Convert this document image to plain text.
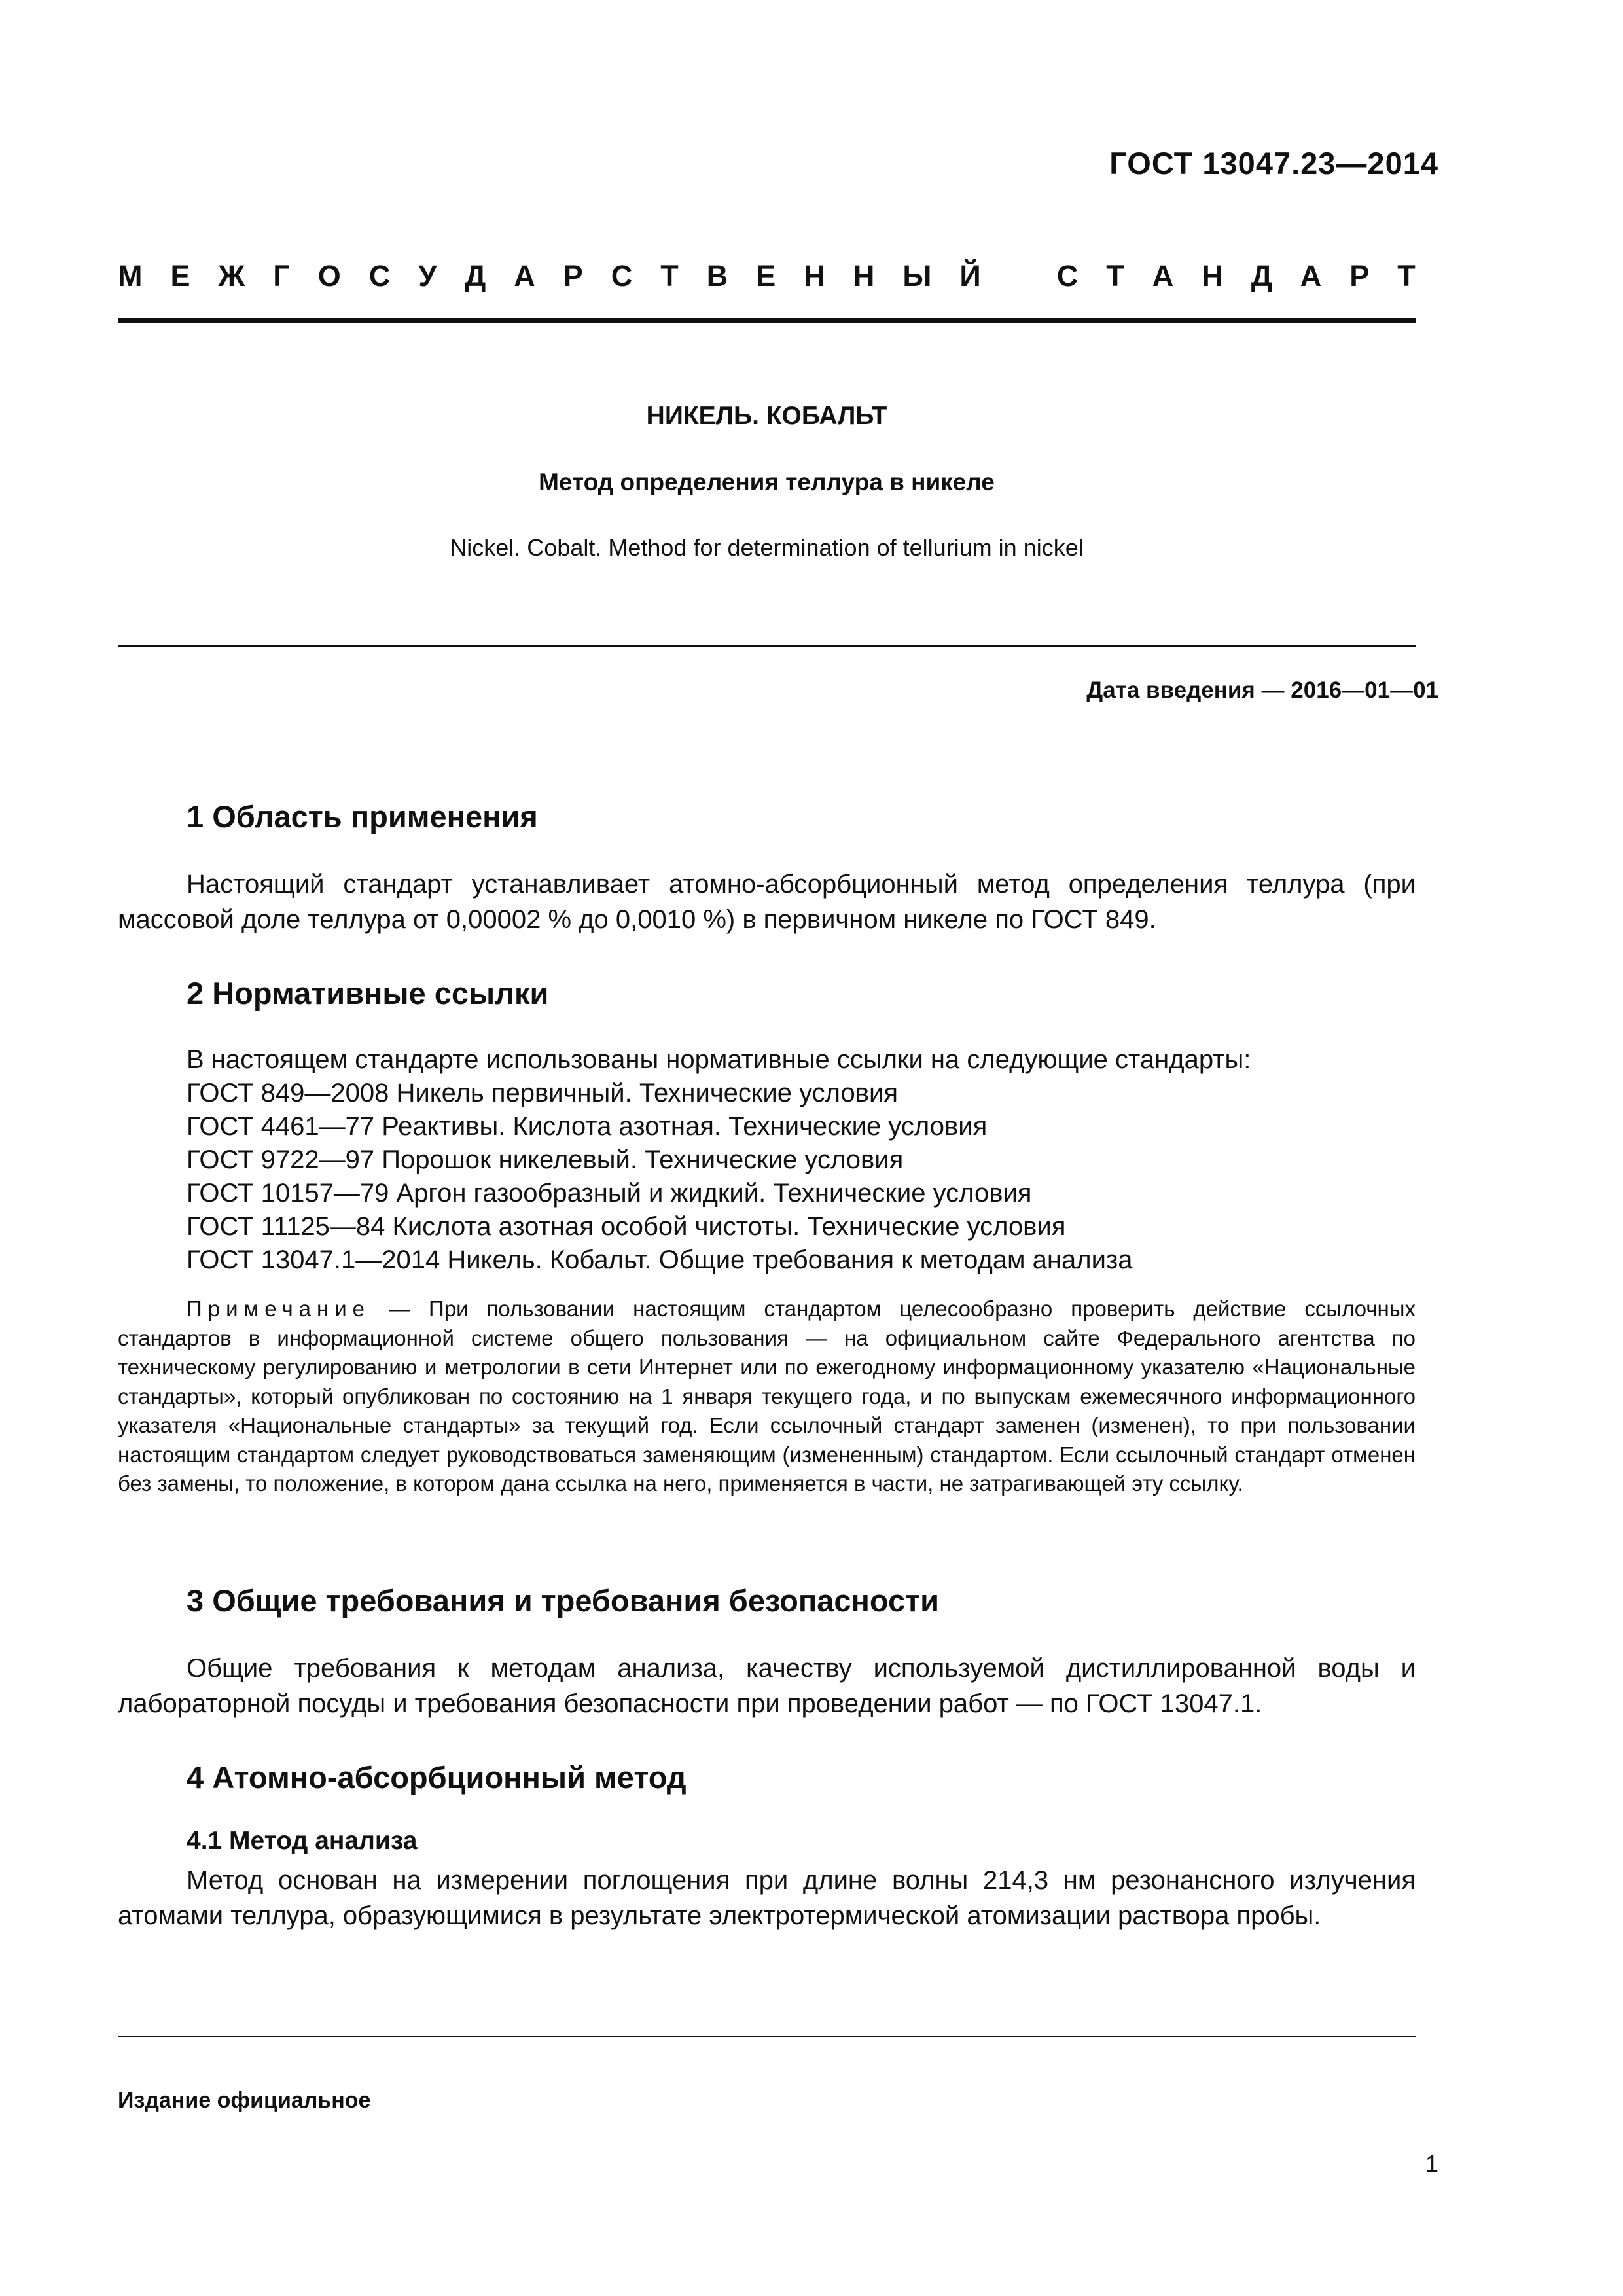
ГОСТ 13047.23—2014
М Е Ж Г О С У Д А Р С Т В Е Н Н Ы Й	С Т А Н Д А Р Т
НИКЕЛЬ. КОБАЛЬТ
Метод определения теллура в никеле
Nickel. Cobalt. Method for determination of tellurium in nickel
Дата введения — 2016—01—01
1 Область применения
Настоящий стандарт устанавливает атомно-абсорбционный метод определения теллура (при массовой доле теллура от 0,00002 % до 0,0010 %) в первичном никеле по ГОСТ 849.
2 Нормативные ссылки
В настоящем стандарте использованы нормативные ссылки на следующие стандарты:
ГОСТ 849—2008 Никель первичный. Технические условия
ГОСТ 4461—77 Реактивы. Кислота азотная. Технические условия
ГОСТ 9722—97 Порошок никелевый. Технические условия
ГОСТ 10157—79 Аргон газообразный и жидкий. Технические условия
ГОСТ 11125—84 Кислота азотная особой чистоты. Технические условия
ГОСТ 13047.1—2014 Никель. Кобальт. Общие требования к методам анализа
Примечание — При пользовании настоящим стандартом целесообразно проверить действие ссылочных стандартов в информационной системе общего пользования — на официальном сайте Федерального агентства по техническому регулированию и метрологии в сети Интернет или по ежегодному информационному указателю «Национальные стандарты», который опубликован по состоянию на 1 января текущего года, и по выпускам ежемесячного информационного указателя «Национальные стандарты» за текущий год. Если ссылочный стандарт заменен (изменен), то при пользовании настоящим стандартом следует руководствоваться заменяющим (измененным) стандартом. Если ссылочный стандарт отменен без замены, то положение, в котором дана ссылка на него, применяется в части, не затрагивающей эту ссылку.
3 Общие требования и требования безопасности
Общие требования к методам анализа, качеству используемой дистиллированной воды и лабораторной посуды и требования безопасности при проведении работ — по ГОСТ 13047.1.
4 Атомно-абсорбционный метод
4.1 Метод анализа
Метод основан на измерении поглощения при длине волны 214,3 нм резонансного излучения атомами теллура, образующимися в результате электротермической атомизации раствора пробы.
Издание официальное
1
